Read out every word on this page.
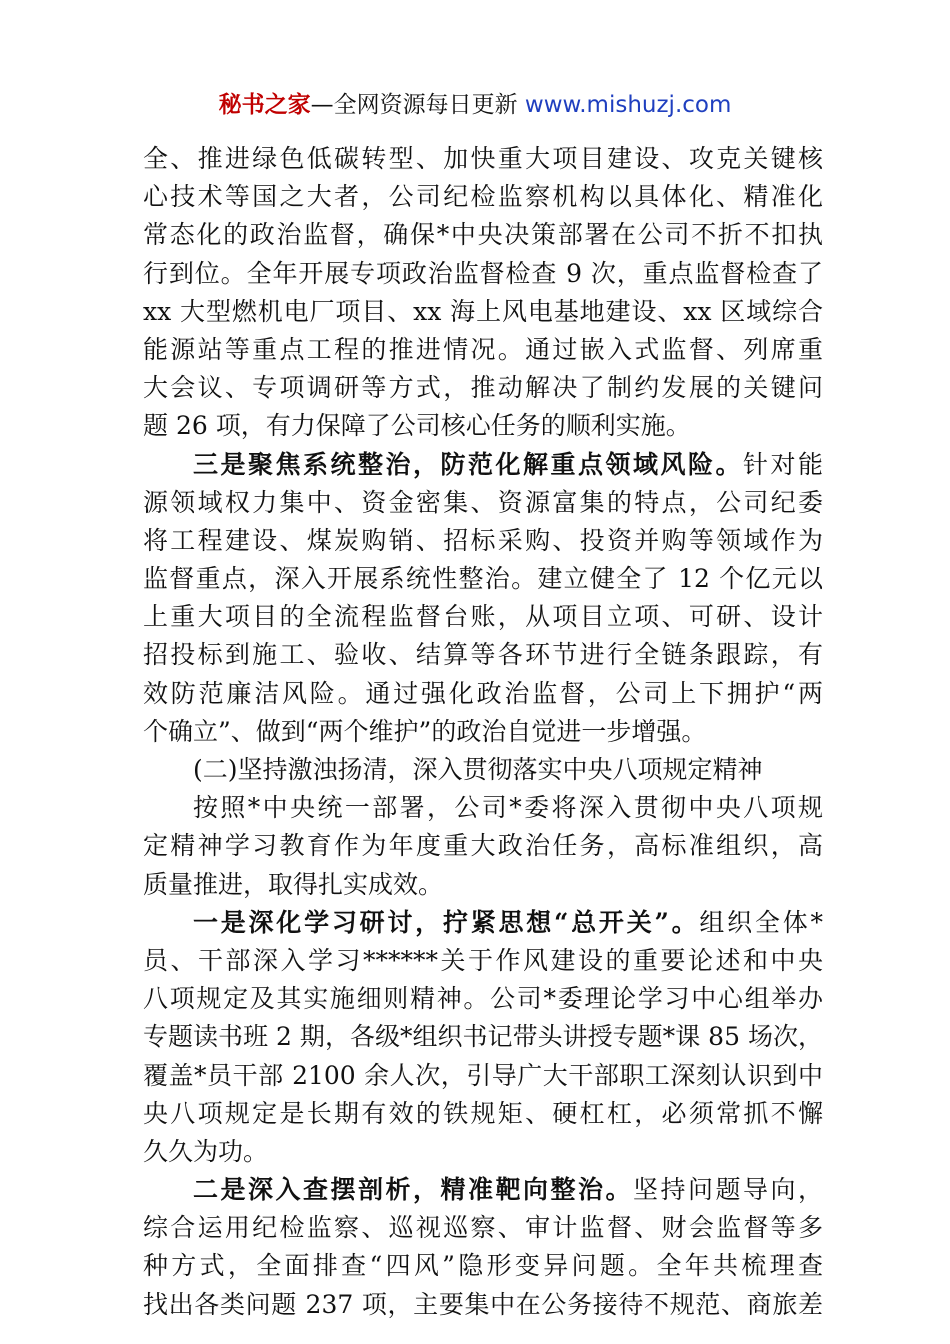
秘书之家—全网资源每日更新 www.mishuzj.com
全、推进绿色低碳转型、加快重大项目建设、攻克关键核
心技术等国之大者，公司纪检监察机构以具体化、精准化
常态化的政治监督，确保*中央决策部署在公司不折不扣执
行到位。全年开展专项政治监督检查 9 次，重点监督检查了
xx 大型燃机电厂项目、xx 海上风电基地建设、xx 区域综合
能源站等重点工程的推进情况。通过嵌入式监督、列席重
大会议、专项调研等方式，推动解决了制约发展的关键问
题 26 项，有力保障了公司核心任务的顺利实施。
三是聚焦系统整治，防范化解重点领域风险。针对能
源领域权力集中、资金密集、资源富集的特点，公司纪委
将工程建设、煤炭购销、招标采购、投资并购等领域作为
监督重点，深入开展系统性整治。建立健全了 12 个亿元以
上重大项目的全流程监督台账，从项目立项、可研、设计
招投标到施工、验收、结算等各环节进行全链条跟踪，有
效防范廉洁风险。通过强化政治监督，公司上下拥护“两
个确立”、做到“两个维护”的政治自觉进一步增强。
(二)坚持激浊扬清，深入贯彻落实中央八项规定精神
按照*中央统一部署，公司*委将深入贯彻中央八项规
定精神学习教育作为年度重大政治任务，高标准组织，高
质量推进，取得扎实成效。
一是深化学习研讨，拧紧思想“总开关”。组织全体*
员、干部深入学习******关于作风建设的重要论述和中央
八项规定及其实施细则精神。公司*委理论学习中心组举办
专题读书班 2 期，各级*组织书记带头讲授专题*课 85 场次，
覆盖*员干部 2100 余人次，引导广大干部职工深刻认识到中
央八项规定是长期有效的铁规矩、硬杠杠，必须常抓不懈
久久为功。
二是深入查摆剖析，精准靶向整治。坚持问题导向，
综合运用纪检监察、巡视巡察、审计监督、财会监督等多
种方式，全面排查“四风”隐形变异问题。全年共梳理查
找出各类问题 237 项，主要集中在公务接待不规范、商旅差
